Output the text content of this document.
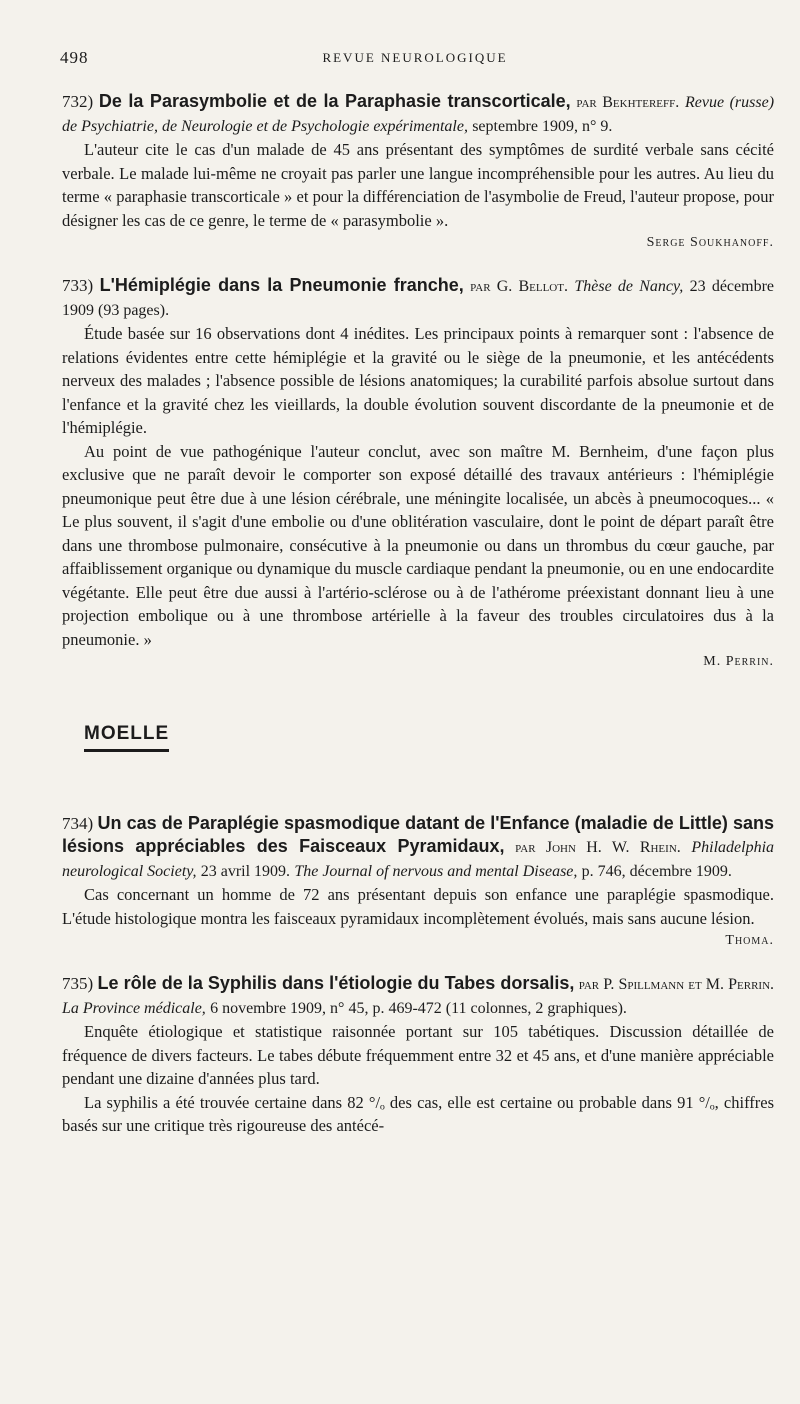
498	REVUE NEUROLOGIQUE
732) De la Parasymbolie et de la Paraphasie transcorticale, par Bekhtereff. Revue (russe) de Psychiatrie, de Neurologie et de Psychologie expérimentale, septembre 1909, n° 9.

L'auteur cite le cas d'un malade de 45 ans présentant des symptômes de surdité verbale sans cécité verbale. Le malade lui-même ne croyait pas parler une langue incompréhensible pour les autres. Au lieu du terme « paraphasie transcorticale » et pour la différenciation de l'asymbolie de Freud, l'auteur propose, pour désigner les cas de ce genre, le terme de « parasymbolie ».

Serge Soukhanoff.
733) L'Hémiplégie dans la Pneumonie franche, par G. Bellot. Thèse de Nancy, 23 décembre 1909 (93 pages).

Étude basée sur 16 observations dont 4 inédites. Les principaux points à remarquer sont : l'absence de relations évidentes entre cette hémiplégie et la gravité ou le siège de la pneumonie, et les antécédents nerveux des malades ; l'absence possible de lésions anatomiques; la curabilité parfois absolue surtout dans l'enfance et la gravité chez les vieillards, la double évolution souvent discordante de la pneumonie et de l'hémiplégie.

Au point de vue pathogénique l'auteur conclut, avec son maître M. Bernheim, d'une façon plus exclusive que ne paraît devoir le comporter son exposé détaillé des travaux antérieurs : l'hémiplégie pneumonique peut être due à une lésion cérébrale, une méningite localisée, un abcès à pneumocoques... « Le plus souvent, il s'agit d'une embolie ou d'une oblitération vasculaire, dont le point de départ paraît être dans une thrombose pulmonaire, consécutive à la pneumonie ou dans un thrombus du cœur gauche, par affaiblissement organique ou dynamique du muscle cardiaque pendant la pneumonie, ou en une endocardite végétante. Elle peut être due aussi à l'artério-sclérose ou à de l'athérome préexistant donnant lieu à une projection embolique ou à une thrombose artérielle à la faveur des troubles circulatoires dus à la pneumonie. »

M. Perrin.
MOELLE
734) Un cas de Paraplégie spasmodique datant de l'Enfance (maladie de Little) sans lésions appréciables des Faisceaux Pyramidaux, par John H. W. Rhein. Philadelphia neurological Society, 23 avril 1909. The Journal of nervous and mental Disease, p. 746, décembre 1909.

Cas concernant un homme de 72 ans présentant depuis son enfance une paraplégie spasmodique. L'étude histologique montra les faisceaux pyramidaux incomplètement évolués, mais sans aucune lésion.

Thoma.
735) Le rôle de la Syphilis dans l'étiologie du Tabes dorsalis, par P. Spillmann et M. Perrin. La Province médicale, 6 novembre 1909, n° 45, p. 469-472 (11 colonnes, 2 graphiques).

Enquête étiologique et statistique raisonnée portant sur 105 tabétiques. Discussion détaillée de fréquence de divers facteurs. Le tabes débute fréquemment entre 32 et 45 ans, et d'une manière appréciable pendant une dizaine d'années plus tard.

La syphilis a été trouvée certaine dans 82 °/ₒ des cas, elle est certaine ou probable dans 91 °/ₒ, chiffres basés sur une critique très rigoureuse des antécé-
